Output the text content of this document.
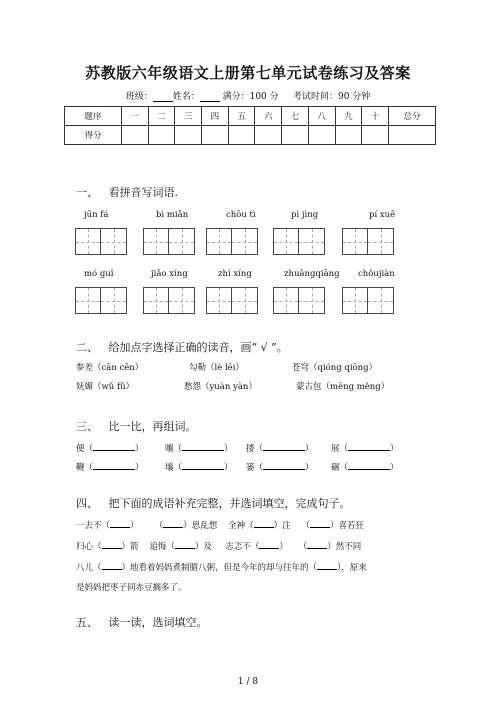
苏教版六年级语文上册第七单元试卷练习及答案
班级： 姓名：	满分：100 分 考试时间：90 分钟
题序	一	二	三	四	五	六	七	八	九	十	总分
得分											
一、 看拼音写词语.
jūn fá	bì miǎn	chōu tì	pì jìng	pí xuē
mó guǐ	jiǎo xíng	zhì xíng	zhuāngqiāng chǒujiàn
二、 给加点字选择正确的读音，画“ √ ”。
参差（cān cēn）	勾勒（lè lēi）	苍穹（qióng qiōng）
妩媚（wǔ fǔ）	愁怨（yuàn yàn）	蒙古包（mēng měng）
三、 比一比，再组词。
便（	）	嚷（	） 搂（	） 展（	）
鞭（	）	壤（	） 篓（	） 碾（	）
四、 把下面的成语补充完整，并选词填空，完成句子。
一去不（ ） （ ）思乱想 全神（ ）注 （ ）喜若狂
归心（ ）箭 追悔（ ）及 志忑不（ ） （ ）然不同
八儿（ ）地看着妈妈煮制腊八粥，但是今年的却与往年的（ ），原来
是妈妈把枣子同赤豆搁多了。
五、 读一读，选词填空。
1 / 8
